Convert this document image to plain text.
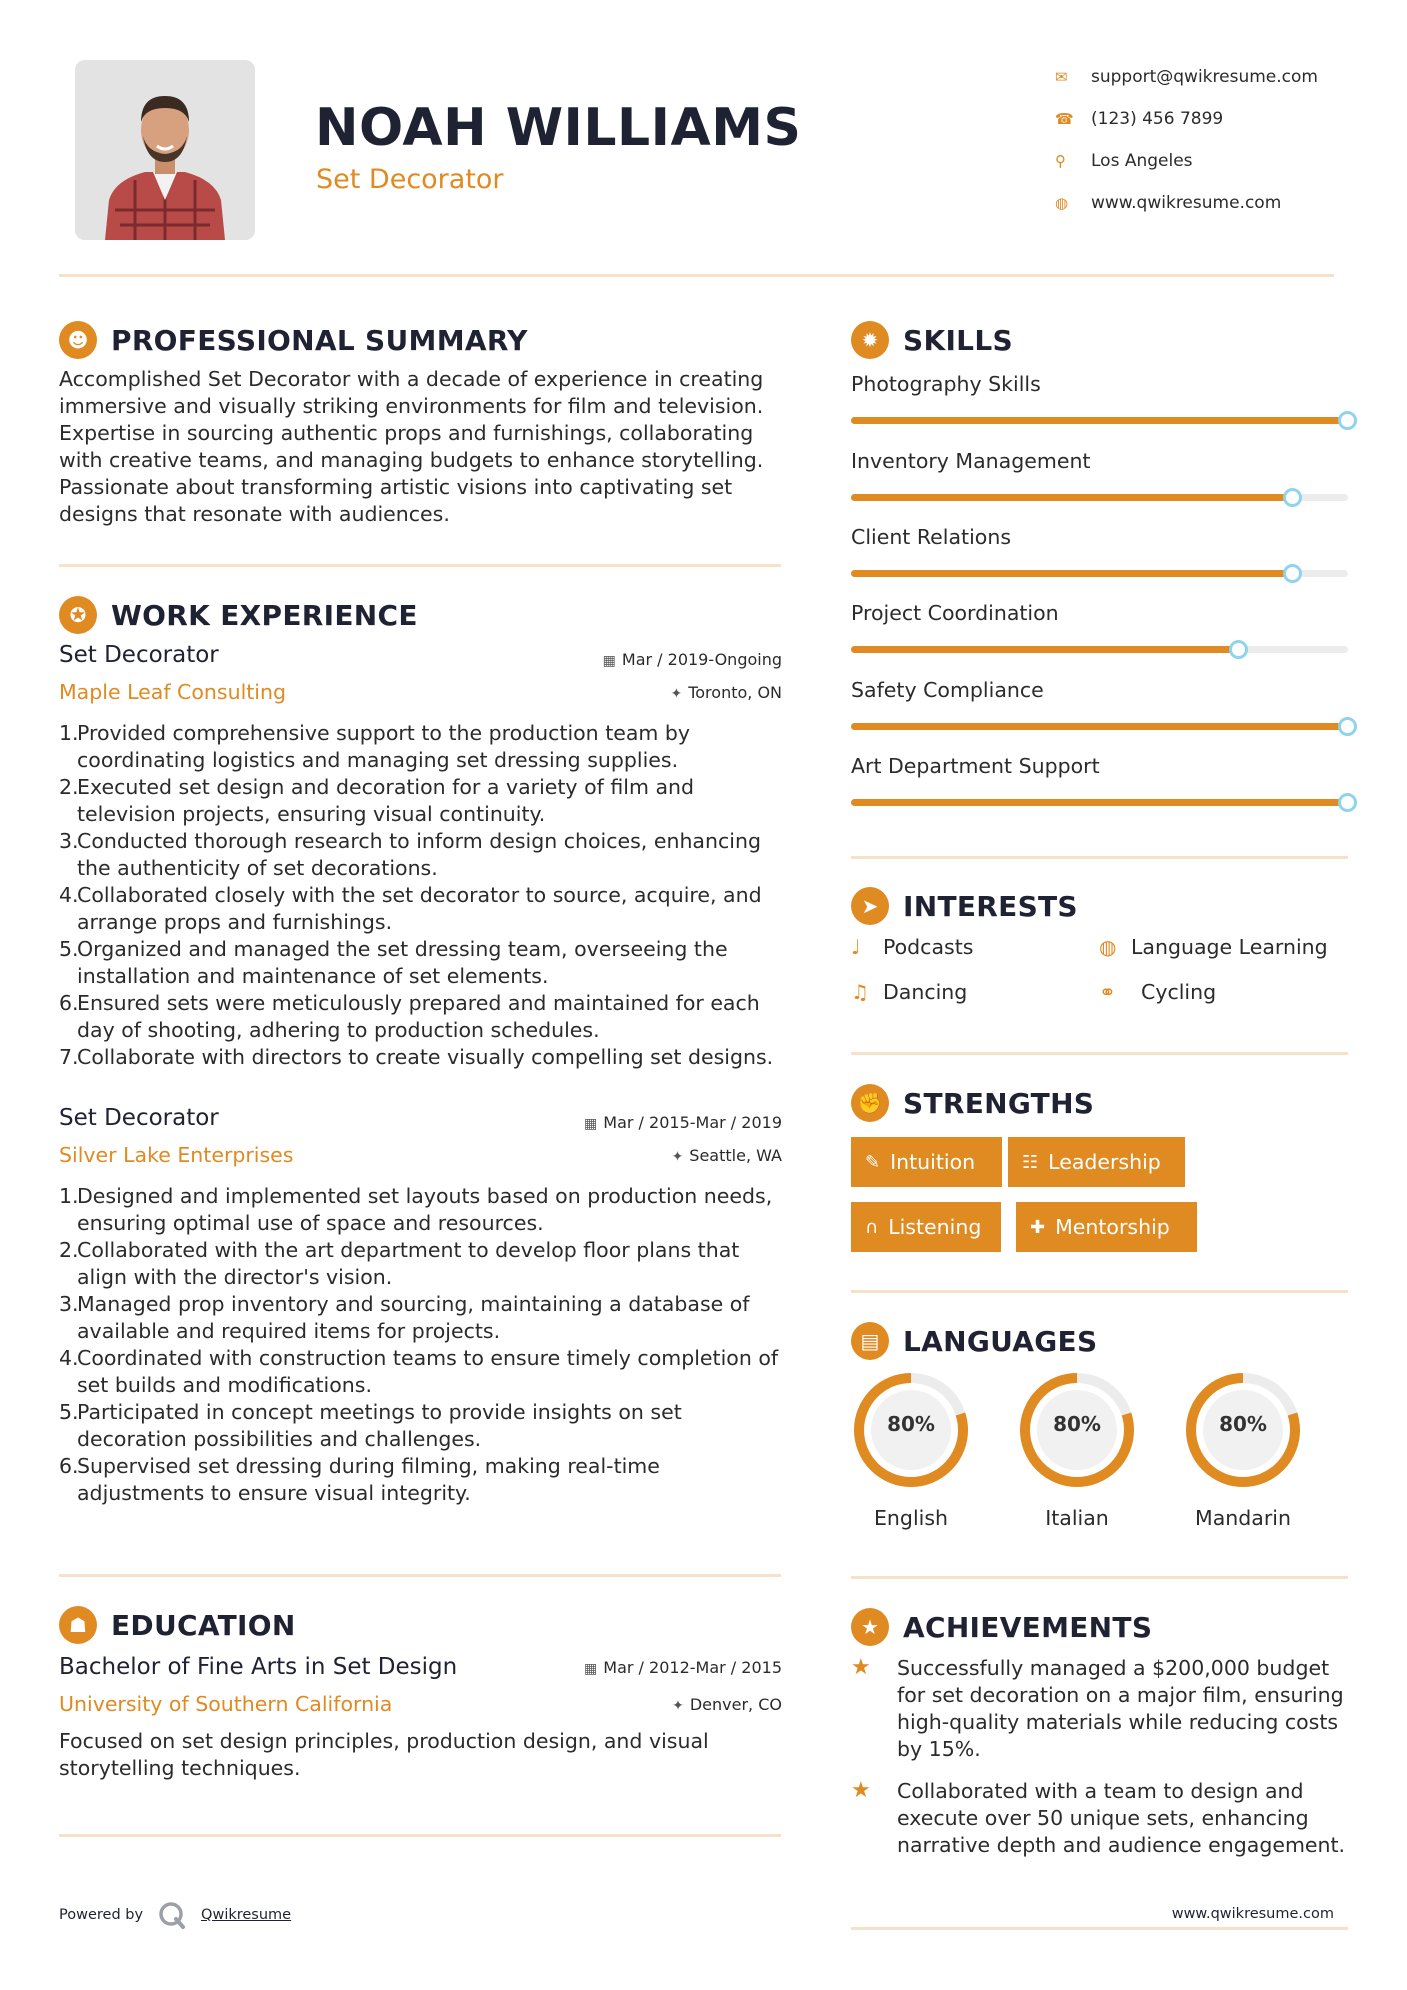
NOAH WILLIAMS
Set Decorator
✉	support@qwikresume.com
☎	(123) 456 7899
⚲	Los Angeles
◍	www.qwikresume.com
☻ PROFESSIONAL SUMMARY
Accomplished Set Decorator with a decade of experience in creating immersive and visually striking environments for film and television. Expertise in sourcing authentic props and furnishings, collaborating with creative teams, and managing budgets to enhance storytelling. Passionate about transforming artistic visions into captivating set designs that resonate with audiences.
✪ WORK EXPERIENCE
Set Decorator
Maple Leaf Consulting
▦ Mar / 2019-Ongoing
✦ Toronto, ON
1.
Provided comprehensive support to the production team by coordinating logistics and managing set dressing supplies.
2.
Executed set design and decoration for a variety of film and television projects, ensuring visual continuity.
3.
Conducted thorough research to inform design choices, enhancing the authenticity of set decorations.
4.
Collaborated closely with the set decorator to source, acquire, and arrange props and furnishings.
5.
Organized and managed the set dressing team, overseeing the installation and maintenance of set elements.
6.
Ensured sets were meticulously prepared and maintained for each day of shooting, adhering to production schedules.
7.
Collaborate with directors to create visually compelling set designs.
Set Decorator
Silver Lake Enterprises
▦ Mar / 2015-Mar / 2019
✦ Seattle, WA
1.
Designed and implemented set layouts based on production needs, ensuring optimal use of space and resources.
2.
Collaborated with the art department to develop floor plans that align with the director's vision.
3.
Managed prop inventory and sourcing, maintaining a database of available and required items for projects.
4.
Coordinated with construction teams to ensure timely completion of set builds and modifications.
5.
Participated in concept meetings to provide insights on set decoration possibilities and challenges.
6.
Supervised set dressing during filming, making real-time adjustments to ensure visual integrity.
☗ EDUCATION
Bachelor of Fine Arts in Set Design
University of Southern California
▦ Mar / 2012-Mar / 2015
✦ Denver, CO
Focused on set design principles, production design, and visual storytelling techniques.
✹ SKILLS
Photography Skills
Inventory Management
Client Relations
Project Coordination
Safety Compliance
Art Department Support
➤ INTERESTS
♩	Podcasts	◍ Language Learning
♫ Dancing	⚭	Cycling
✊ STRENGTHS
✎ Intuition	☷ Leadership
∩ Listening	✚ Mentorship
▤ LANGUAGES
80%
English
80%
Italian
80%
Mandarin
★ ACHIEVEMENTS
★ Successfully managed a $200,000 budget for set decoration on a major film, ensuring high-quality materials while reducing costs by 15%.
★ Collaborated with a team to design and execute over 50 unique sets, enhancing narrative depth and audience engagement.
Powered by	Qwikresume	www.qwikresume.com
